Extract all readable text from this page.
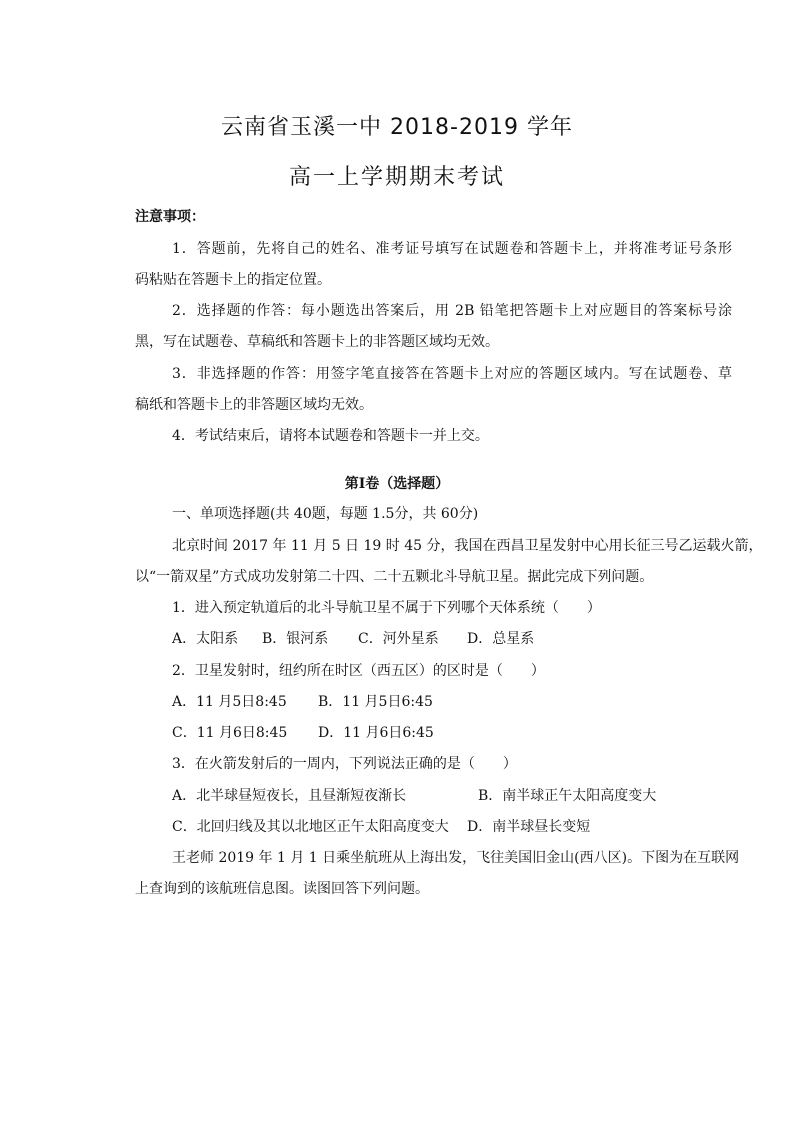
云南省玉溪一中 2018-2019 学年
高一上学期期末考试
注意事项：
1．答题前，先将自己的姓名、准考证号填写在试题卷和答题卡上，并将准考证号条形
码粘贴在答题卡上的指定位置。
2．选择题的作答：每小题选出答案后，用 2B 铅笔把答题卡上对应题目的答案标号涂
黑，写在试题卷、草稿纸和答题卡上的非答题区域均无效。
3．非选择题的作答：用签字笔直接答在答题卡上对应的答题区域内。写在试题卷、草
稿纸和答题卡上的非答题区域均无效。
4．考试结束后，请将本试题卷和答题卡一并上交。
第Ⅰ卷（选择题）
一、单项选择题(共 40题，每题 1.5分，共 60分)
北京时间 2017 年 11 月 5 日 19 时 45 分，我国在西昌卫星发射中心用长征三号乙运载火箭，
以“一箭双星”方式成功发射第二十四、二十五颗北斗导航卫星。据此完成下列问题。
1．进入预定轨道后的北斗导航卫星不属于下列哪个天体系统（　　）
A．太阳系 B．银河系 C．河外星系 D．总星系
2．卫星发射时，纽约所在时区（西五区）的区时是（　　）
A．11 月5日8:45 B．11 月5日6:45
C．11 月6日8:45 D．11 月6日6:45
3．在火箭发射后的一周内，下列说法正确的是（　　）
A．北半球昼短夜长，且昼渐短夜渐长	B．南半球正午太阳高度变大
C．北回归线及其以北地区正午太阳高度变大 D．南半球昼长变短
王老师 2019 年 1 月 1 日乘坐航班从上海出发，飞往美国旧金山(西八区)。下图为在互联网
上查询到的该航班信息图。读图回答下列问题。
